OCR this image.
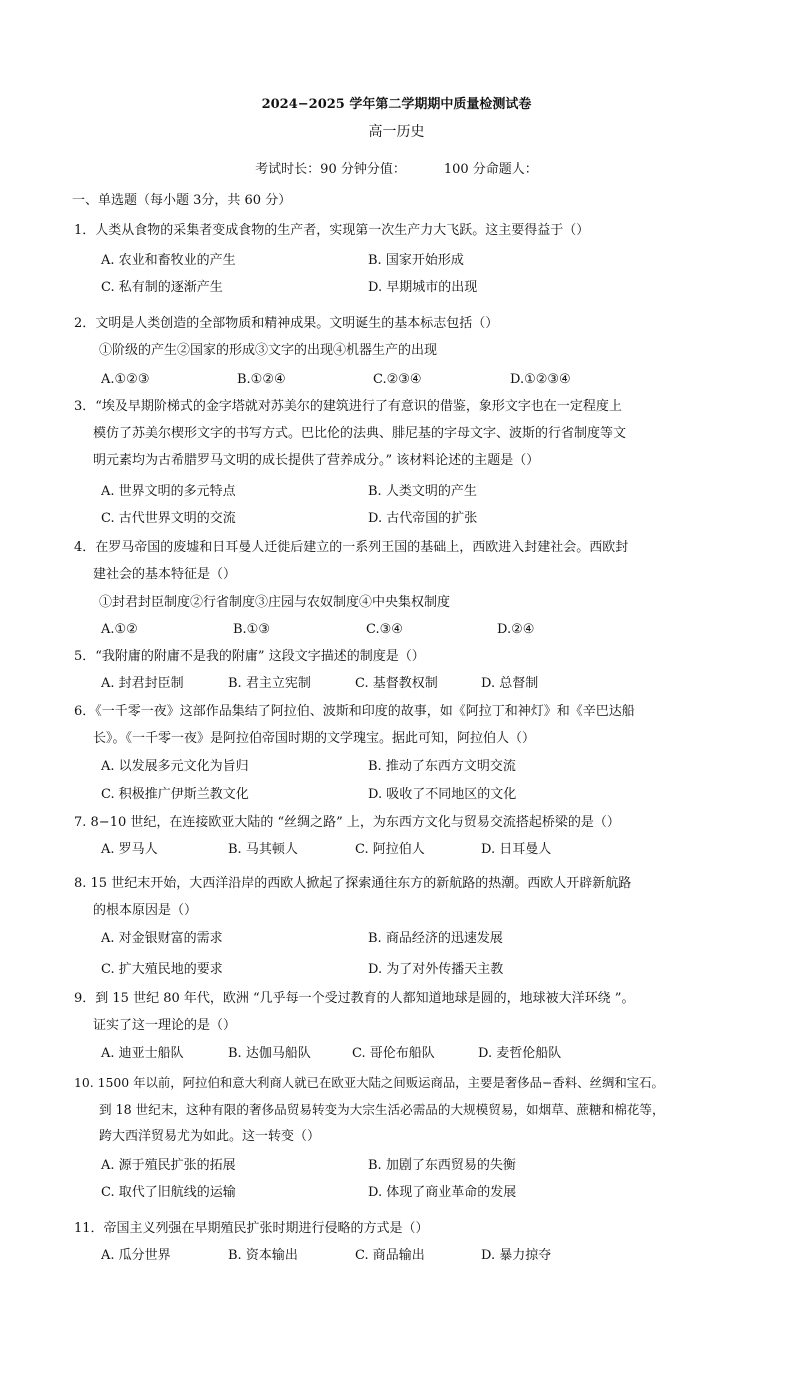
2024−2025 学年第二学期期中质量检测试卷
高一历史
考试时长：90 分钟分值：	100 分命题人：
一、单选题（每小题 3分，共 60 分）
1．人类从食物的采集者变成食物的生产者，实现第一次生产力大飞跃。这主要得益于（）
A. 农业和畜牧业的产生	B. 国家开始形成
C. 私有制的逐渐产生	D. 早期城市的出现
2．文明是人类创造的全部物质和精神成果。文明诞生的基本标志包括（）
①阶级的产生②国家的形成③文字的出现④机器生产的出现
A.①②③	B.①②④	C.②③④	D.①②③④
3．“埃及早期阶梯式的金字塔就对苏美尔的建筑进行了有意识的借鉴，象形文字也在一定程度上
模仿了苏美尔楔形文字的书写方式。巴比伦的法典、腓尼基的字母文字、波斯的行省制度等文
明元素均为古希腊罗马文明的成长提供了营养成分。” 该材料论述的主题是（）
A. 世界文明的多元特点	B. 人类文明的产生
C. 古代世界文明的交流	D. 古代帝国的扩张
4．在罗马帝国的废墟和日耳曼人迁徙后建立的一系列王国的基础上，西欧进入封建社会。西欧封
建社会的基本特征是（）
①封君封臣制度②行省制度③庄园与农奴制度④中央集权制度
A.①②	B.①③	C.③④	D.②④
5．“我附庸的附庸不是我的附庸” 这段文字描述的制度是（）
A. 封君封臣制	B. 君主立宪制	C. 基督教权制	D. 总督制
6．《一千零一夜》这部作品集结了阿拉伯、波斯和印度的故事，如《阿拉丁和神灯》和《辛巴达船
长》。《一千零一夜》是阿拉伯帝国时期的文学瑰宝。据此可知，阿拉伯人（）
A. 以发展多元文化为旨归	B. 推动了东西方文明交流
C. 积极推广伊斯兰教文化	D. 吸收了不同地区的文化
7. 8−10 世纪，在连接欧亚大陆的 “丝绸之路” 上，为东西方文化与贸易交流搭起桥梁的是（）
A. 罗马人	B. 马其顿人	C. 阿拉伯人	D. 日耳曼人
8. 15 世纪末开始，大西洋沿岸的西欧人掀起了探索通往东方的新航路的热潮。西欧人开辟新航路
的根本原因是（）
A. 对金银财富的需求	B. 商品经济的迅速发展
C. 扩大殖民地的要求	D. 为了对外传播天主教
9．到 15 世纪 80 年代，欧洲 “几乎每一个受过教育的人都知道地球是圆的，地球被大洋环绕 ”。
证实了这一理论的是（）
A. 迪亚士船队	B. 达伽马船队	C. 哥伦布船队	D. 麦哲伦船队
10. 1500 年以前，阿拉伯和意大利商人就已在欧亚大陆之间贩运商品，主要是奢侈品−香料、丝绸和宝石。
到 18 世纪末，这种有限的奢侈品贸易转变为大宗生活必需品的大规模贸易，如烟草、蔗糖和棉花等，
跨大西洋贸易尤为如此。这一转变（）
A. 源于殖民扩张的拓展	B. 加剧了东西贸易的失衡
C. 取代了旧航线的运输	D. 体现了商业革命的发展
11．帝国主义列强在早期殖民扩张时期进行侵略的方式是（）
A. 瓜分世界	B. 资本输出	C. 商品输出	D. 暴力掠夺
